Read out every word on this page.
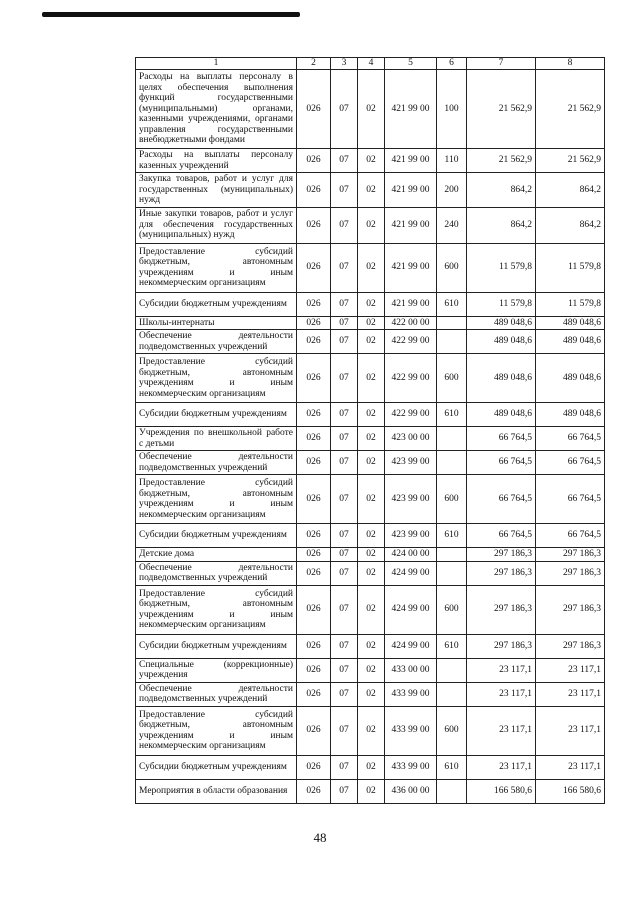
1	2	3	4	5	6	7	8
Расходы на выплаты персоналу в целях обеспечения выполнения функций государственными (муниципальными) органами, казенными учреждениями, органами управления государственными внебюджетными фондами	026	07	02	421 99 00	100	21 562,9	21 562,9
Расходы на выплаты персоналу казенных учреждений	026	07	02	421 99 00	110	21 562,9	21 562,9
Закупка товаров, работ и услуг для государственных (муниципальных) нужд	026	07	02	421 99 00	200	864,2	864,2
Иные закупки товаров, работ и услуг для обеспечения государственных (муниципальных) нужд	026	07	02	421 99 00	240	864,2	864,2
Предоставление субсидий бюджетным, автономным учреждениям и иным некоммерческим организациям	026	07	02	421 99 00	600	11 579,8	11 579,8
Субсидии бюджетным учреждениям	026	07	02	421 99 00	610	11 579,8	11 579,8
Школы-интернаты	026	07	02	422 00 00		489 048,6	489 048,6
Обеспечение деятельности подведомственных учреждений	026	07	02	422 99 00		489 048,6	489 048,6
Предоставление субсидий бюджетным, автономным учреждениям и иным некоммерческим организациям	026	07	02	422 99 00	600	489 048,6	489 048,6
Субсидии бюджетным учреждениям	026	07	02	422 99 00	610	489 048,6	489 048,6
Учреждения по внешкольной работе с детьми	026	07	02	423 00 00		66 764,5	66 764,5
Обеспечение деятельности подведомственных учреждений	026	07	02	423 99 00		66 764,5	66 764,5
Предоставление субсидий бюджетным, автономным учреждениям и иным некоммерческим организациям	026	07	02	423 99 00	600	66 764,5	66 764,5
Субсидии бюджетным учреждениям	026	07	02	423 99 00	610	66 764,5	66 764,5
Детские дома	026	07	02	424 00 00		297 186,3	297 186,3
Обеспечение деятельности подведомственных учреждений	026	07	02	424 99 00		297 186,3	297 186,3
Предоставление субсидий бюджетным, автономным учреждениям и иным некоммерческим организациям	026	07	02	424 99 00	600	297 186,3	297 186,3
Субсидии бюджетным учреждениям	026	07	02	424 99 00	610	297 186,3	297 186,3
Специальные (коррекционные) учреждения	026	07	02	433 00 00		23 117,1	23 117,1
Обеспечение деятельности подведомственных учреждений	026	07	02	433 99 00		23 117,1	23 117,1
Предоставление субсидий бюджетным, автономным учреждениям и иным некоммерческим организациям	026	07	02	433 99 00	600	23 117,1	23 117,1
Субсидии бюджетным учреждениям	026	07	02	433 99 00	610	23 117,1	23 117,1
Мероприятия в области образования	026	07	02	436 00 00		166 580,6	166 580,6
48
